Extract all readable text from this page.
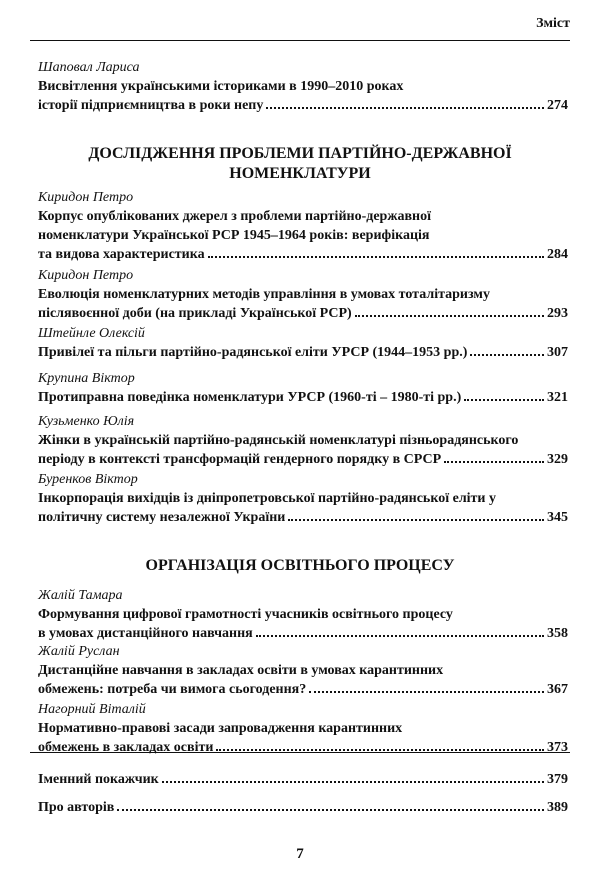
Зміст
Шаповал Лариса
Висвітлення українськими істориками в 1990–2010 роках
історії підприємництва в роки непу	274
ДОСЛІДЖЕННЯ ПРОБЛЕМИ ПАРТІЙНО-ДЕРЖАВНОЇ
НОМЕНКЛАТУРИ
Киридон Петро
Корпус опублікованих джерел з проблеми партійно-державної
номенклатури Української РСР 1945–1964 років: верифікація
та видова характеристика	284
Киридон Петро
Еволюція номенклатурних методів управління в умовах тоталітаризму
післявоєнної доби (на прикладі Української РСР)	293
Штейнле Олексій
Привілеї та пільги партійно-радянської еліти УРСР (1944–1953 рр.)	307
Крупина Віктор
Протиправна поведінка номенклатури УРСР (1960-ті – 1980-ті рр.)	321
Кузьменко Юлія
Жінки в українській партійно-радянській номенклатурі пізньорадянського
періоду в контексті трансформацій гендерного порядку в СРСР	329
Буренков Віктор
Інкорпорація вихідців із дніпропетровської партійно-радянської еліти у
політичну систему незалежної України	345
ОРГАНІЗАЦІЯ ОСВІТНЬОГО ПРОЦЕСУ
Жалій Тамара
Формування цифрової грамотності учасників освітнього процесу
в умовах дистанційного навчання	358
Жалій Руслан
Дистанційне навчання в закладах освіти в умовах карантинних
обмежень: потреба чи вимога сьогодення?	367
Нагорний Віталій
Нормативно-правові засади запровадження карантинних
обмежень в закладах освіти	373
Іменний покажчик	379
Про авторів	389
7
